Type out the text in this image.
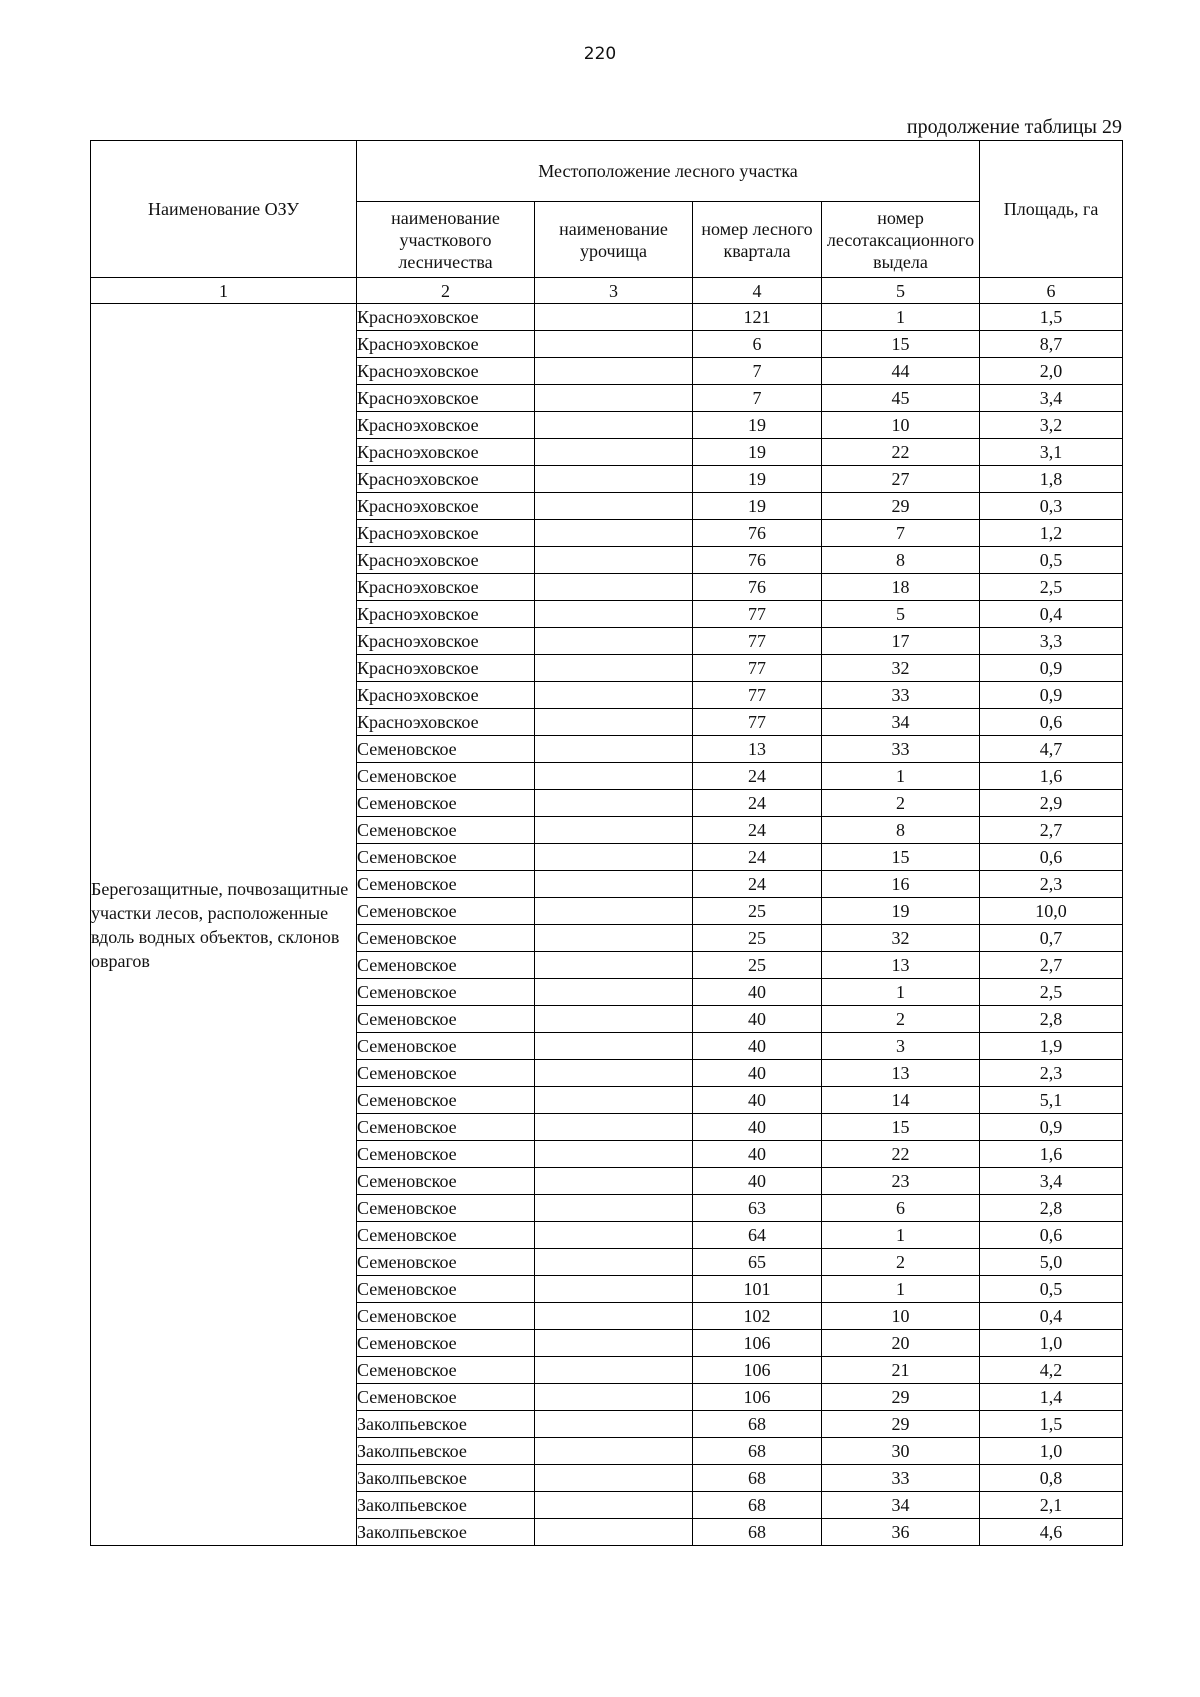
220
продолжение таблицы 29
Наименование ОЗУ	Местоположение лесного участка				Площадь, га
	наименование участкового лесничества	наименование урочища	номер лесного квартала	номер лесотаксационного выдела	
1	2	3	4	5	6
Берегозащитные, почвозащитные участки лесов, расположенные вдоль водных объектов, склонов оврагов	Красноэховское		121	1	1,5
	Красноэховское		6	15	8,7
	Красноэховское		7	44	2,0
	Красноэховское		7	45	3,4
	Красноэховское		19	10	3,2
	Красноэховское		19	22	3,1
	Красноэховское		19	27	1,8
	Красноэховское		19	29	0,3
	Красноэховское		76	7	1,2
	Красноэховское		76	8	0,5
	Красноэховское		76	18	2,5
	Красноэховское		77	5	0,4
	Красноэховское		77	17	3,3
	Красноэховское		77	32	0,9
	Красноэховское		77	33	0,9
	Красноэховское		77	34	0,6
	Семеновское		13	33	4,7
	Семеновское		24	1	1,6
	Семеновское		24	2	2,9
	Семеновское		24	8	2,7
	Семеновское		24	15	0,6
	Семеновское		24	16	2,3
	Семеновское		25	19	10,0
	Семеновское		25	32	0,7
	Семеновское		25	13	2,7
	Семеновское		40	1	2,5
	Семеновское		40	2	2,8
	Семеновское		40	3	1,9
	Семеновское		40	13	2,3
	Семеновское		40	14	5,1
	Семеновское		40	15	0,9
	Семеновское		40	22	1,6
	Семеновское		40	23	3,4
	Семеновское		63	6	2,8
	Семеновское		64	1	0,6
	Семеновское		65	2	5,0
	Семеновское		101	1	0,5
	Семеновское		102	10	0,4
	Семеновское		106	20	1,0
	Семеновское		106	21	4,2
	Семеновское		106	29	1,4
	Заколпьевское		68	29	1,5
	Заколпьевское		68	30	1,0
	Заколпьевское		68	33	0,8
	Заколпьевское		68	34	2,1
	Заколпьевское		68	36	4,6
